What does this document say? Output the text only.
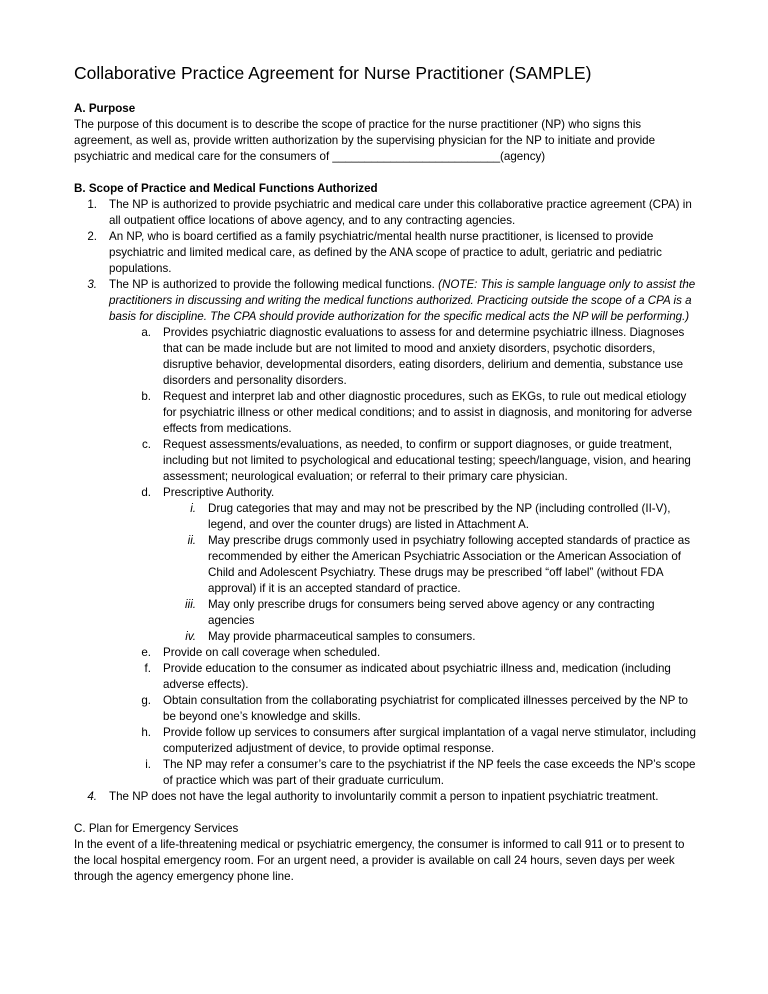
Collaborative Practice Agreement for Nurse Practitioner (SAMPLE)

A. Purpose

The purpose of this document is to describe the scope of practice for the nurse practitioner (NP) who signs this agreement, as well as, provide written authorization by the supervising physician for the NP to initiate and provide psychiatric and medical care for the consumers of __________________________(agency)

B. Scope of Practice and Medical Functions Authorized

1.	The NP is authorized to provide psychiatric and medical care under this collaborative practice agreement (CPA) in all outpatient office locations of above agency, and to any contracting agencies.
2.	An NP, who is board certified as a family psychiatric/mental health nurse practitioner, is licensed to provide psychiatric and limited medical care, as defined by the ANA scope of practice to adult, geriatric and pediatric populations.
3.	The NP is authorized to provide the following medical functions. (NOTE: This is sample language only to assist the practitioners in discussing and writing the medical functions authorized. Practicing outside the scope of a CPA is a basis for discipline. The CPA should provide authorization for the specific medical acts the NP will be performing.)
a.	Provides psychiatric diagnostic evaluations to assess for and determine psychiatric illness. Diagnoses that can be made include but are not limited to mood and anxiety disorders, psychotic disorders, disruptive behavior, developmental disorders, eating disorders, delirium and dementia, substance use disorders and personality disorders.
b.	Request and interpret lab and other diagnostic procedures, such as EKGs, to rule out medical etiology for psychiatric illness or other medical conditions; and to assist in diagnosis, and monitoring for adverse effects from medications.
c.	Request assessments/evaluations, as needed, to confirm or support diagnoses, or guide treatment, including but not limited to psychological and educational testing; speech/language, vision, and hearing assessment; neurological evaluation; or referral to their primary care physician.
d.	Prescriptive Authority.
i.	Drug categories that may and may not be prescribed by the NP (including controlled (II-V), legend, and over the counter drugs) are listed in Attachment A.
ii.	May prescribe drugs commonly used in psychiatry following accepted standards of practice as recommended by either the American Psychiatric Association or the American Association of Child and Adolescent Psychiatry. These drugs may be prescribed “off label” (without FDA approval) if it is an accepted standard of practice.
iii.	May only prescribe drugs for consumers being served above agency or any contracting agencies
iv.	May provide pharmaceutical samples to consumers.
e.	Provide on call coverage when scheduled.
f.	Provide education to the consumer as indicated about psychiatric illness and, medication (including adverse effects).
g.	Obtain consultation from the collaborating psychiatrist for complicated illnesses perceived by the NP to be beyond one’s knowledge and skills.
h.	Provide follow up services to consumers after surgical implantation of a vagal nerve stimulator, including computerized adjustment of device, to provide optimal response.
i.	The NP may refer a consumer’s care to the psychiatrist if the NP feels the case exceeds the NP’s scope of practice which was part of their graduate curriculum.
4.	The NP does not have the legal authority to involuntarily commit a person to inpatient psychiatric treatment.

C. Plan for Emergency Services

In the event of a life-threatening medical or psychiatric emergency, the consumer is informed to call 911 or to present to the local hospital emergency room. For an urgent need, a provider is available on call 24 hours, seven days per week through the agency emergency phone line.
